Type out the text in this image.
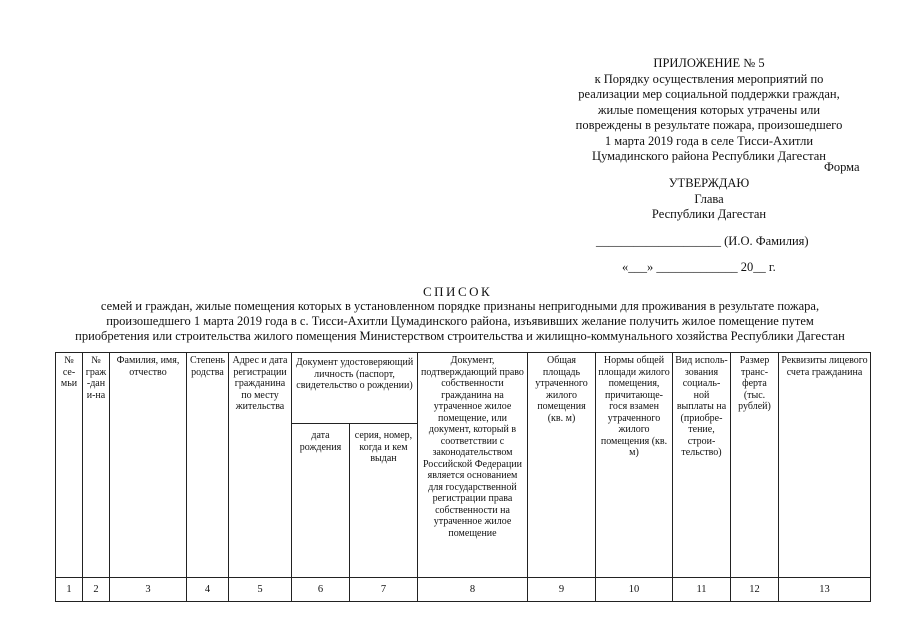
ПРИЛОЖЕНИЕ № 5
к Порядку осуществления мероприятий по
реализации мер социальной поддержки граждан,
жилые помещения которых утрачены или
повреждены в результате пожара, произошедшего
1 марта 2019 года в селе Тисси-Ахитли
Цумадинского района Республики Дагестан
Форма
УТВЕРЖДАЮ
Глава
Республики Дагестан
____________________ (И.О. Фамилия)
«___» _____________ 20__ г.
СПИСОК
семей и граждан, жилые помещения которых в установленном порядке признаны непригодными для проживания в результате пожара,
произошедшего 1 марта 2019 года в с. Тисси-Ахитли Цумадинского района, изъявивших желание получить жилое помещение путем
приобретения или строительства жилого помещения Министерством строительства и жилищно-коммунального хозяйства Республики Дагестан
№ се-мьи	№ граж-дани-на	Фамилия, имя, отчество	Степень родства	Адрес и дата регистрации гражданина по месту жительства	Документ удостоверяющий личность (паспорт, свидетельство о рождении)		Документ, подтверждающий право собственности гражданина на утраченное жилое помещение, или документ, который в соответствии с законодательством Российской Федерации является основанием для государственной регистрации права собственности на утраченное жилое помещение	Общая площадь утраченного жилого помещения (кв. м)	Нормы общей площади жилого помещения, причитающе-гося взамен утраченного жилого помещения (кв. м)	Вид исполь-зования социаль-ной выплаты на (приобре-тение, строи-тельство)	Размер транс-ферта (тыс. рублей)	Реквизиты лицевого счета гражданина
					дата рождения	серия, номер, когда и кем выдан						
1	2	3	4	5	6	7	8	9	10	11	12	13
